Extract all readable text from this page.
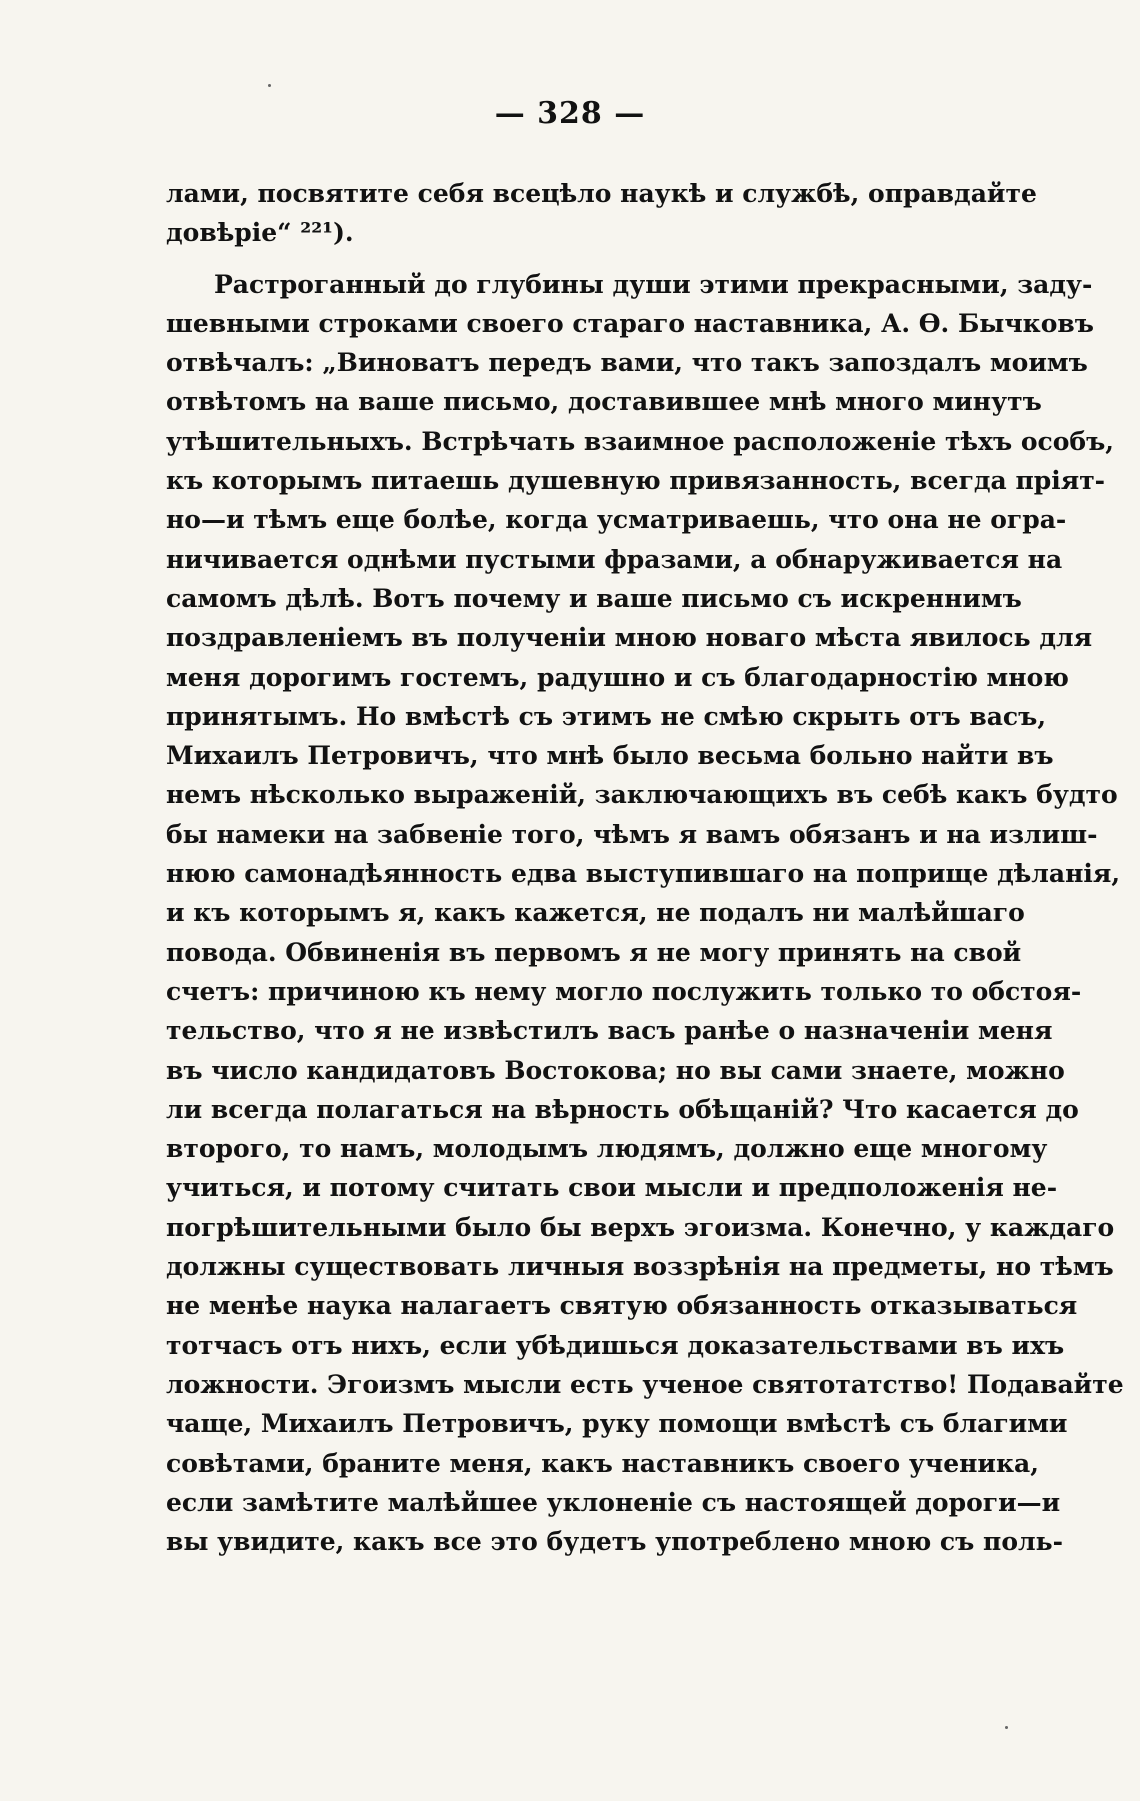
— 328 —
лами, посвятите себя всецѣло наукѣ и службѣ, оправдайте
довѣріе“ ²²¹).
Растроганный до глубины души этими прекрасными, заду-
шевными строками своего стараго наставника, А. Ѳ. Бычковъ
отвѣчалъ: „Виноватъ передъ вами, что такъ запоздалъ моимъ
отвѣтомъ на ваше письмо, доставившее мнѣ много минутъ
утѣшительныхъ. Встрѣчать взаимное расположеніе тѣхъ особъ,
къ которымъ питаешь душевную привязанность, всегда пріят-
но—и тѣмъ еще болѣе, когда усматриваешь, что она не огра-
ничивается однѣми пустыми фразами, а обнаруживается на
самомъ дѣлѣ. Вотъ почему и ваше письмо съ искреннимъ
поздравленіемъ въ полученіи мною новаго мѣста явилось для
меня дорогимъ гостемъ, радушно и съ благодарностію мною
принятымъ. Но вмѣстѣ съ этимъ не смѣю скрыть отъ васъ,
Михаилъ Петровичъ, что мнѣ было весьма больно найти въ
немъ нѣсколько выраженій, заключающихъ въ себѣ какъ будто
бы намеки на забвеніе того, чѣмъ я вамъ обязанъ и на излиш-
нюю самонадѣянность едва выступившаго на поприще дѣланія,
и къ которымъ я, какъ кажется, не подалъ ни малѣйшаго
повода. Обвиненія въ первомъ я не могу принять на свой
счетъ: причиною къ нему могло послужить только то обстоя-
тельство, что я не извѣстилъ васъ ранѣе о назначеніи меня
въ число кандидатовъ Востокова; но вы сами знаете, можно
ли всегда полагаться на вѣрность обѣщаній? Что касается до
второго, то намъ, молодымъ людямъ, должно еще многому
учиться, и потому считать свои мысли и предположенія не-
погрѣшительными было бы верхъ эгоизма. Конечно, у каждаго
должны существовать личныя воззрѣнія на предметы, но тѣмъ
не менѣе наука налагаетъ святую обязанность отказываться
тотчасъ отъ нихъ, если убѣдишься доказательствами въ ихъ
ложности. Эгоизмъ мысли есть ученое святотатство! Подавайте
чаще, Михаилъ Петровичъ, руку помощи вмѣстѣ съ благими
совѣтами, браните меня, какъ наставникъ своего ученика,
если замѣтите малѣйшее уклоненіе съ настоящей дороги—и
вы увидите, какъ все это будетъ употреблено мною съ поль-
